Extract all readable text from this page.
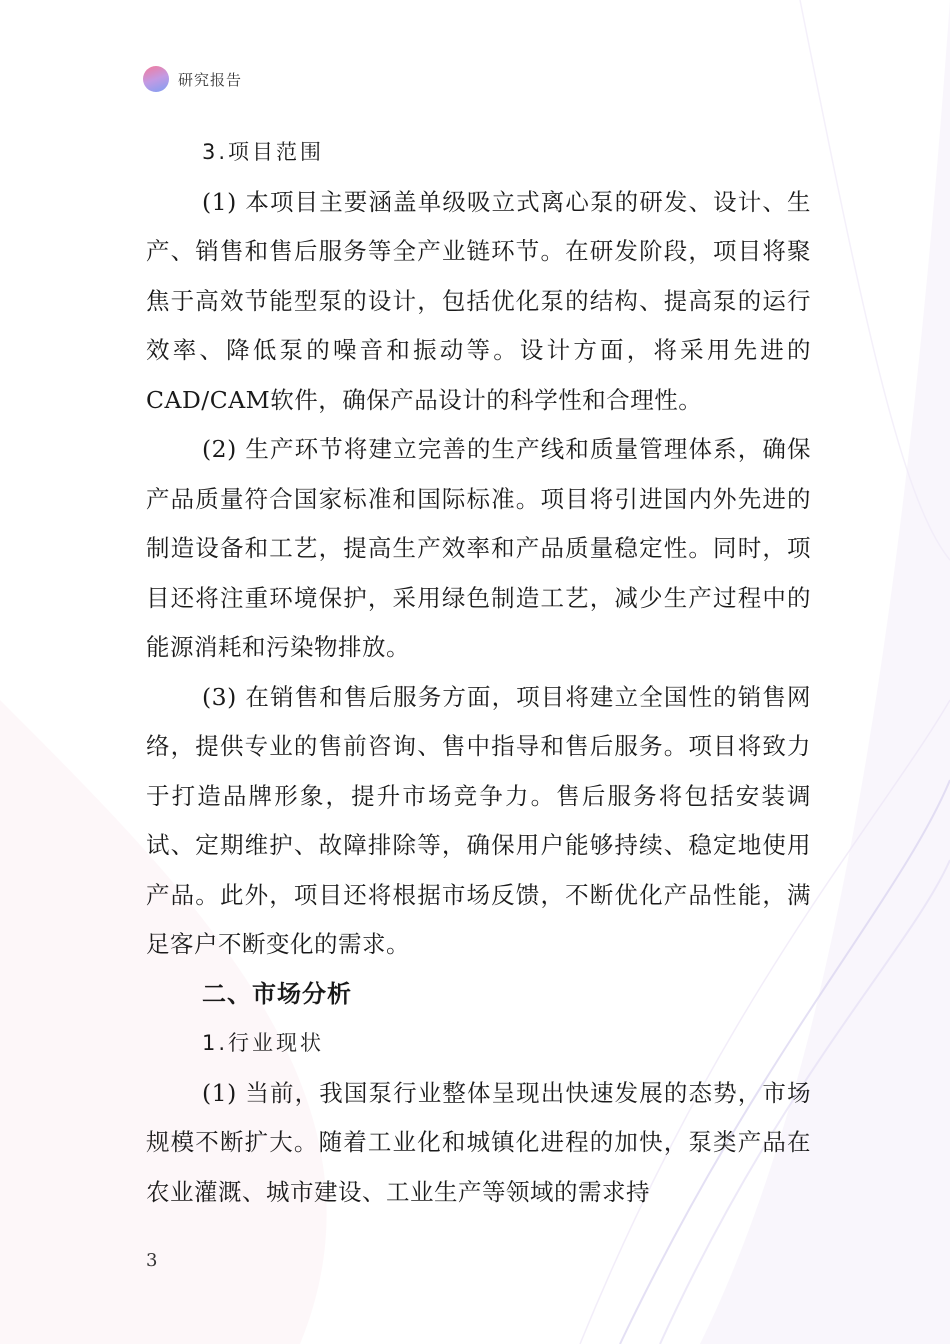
研究报告

3.项目范围

(1) 本项目主要涵盖单级吸立式离心泵的研发、设计、生产、销售和售后服务等全产业链环节。在研发阶段，项目将聚焦于高效节能型泵的设计，包括优化泵的结构、提高泵的运行效率、降低泵的噪音和振动等。设计方面，将采用先进的CAD/CAM软件，确保产品设计的科学性和合理性。

(2) 生产环节将建立完善的生产线和质量管理体系，确保产品质量符合国家标准和国际标准。项目将引进国内外先进的制造设备和工艺，提高生产效率和产品质量稳定性。同时，项目还将注重环境保护，采用绿色制造工艺，减少生产过程中的能源消耗和污染物排放。

(3) 在销售和售后服务方面，项目将建立全国性的销售网络，提供专业的售前咨询、售中指导和售后服务。项目将致力于打造品牌形象，提升市场竞争力。售后服务将包括安装调试、定期维护、故障排除等，确保用户能够持续、稳定地使用产品。此外，项目还将根据市场反馈，不断优化产品性能，满足客户不断变化的需求。

二、市场分析

1.行业现状

(1) 当前，我国泵行业整体呈现出快速发展的态势，市场规模不断扩大。随着工业化和城镇化进程的加快，泵类产品在农业灌溉、城市建设、工业生产等领域的需求持

3
